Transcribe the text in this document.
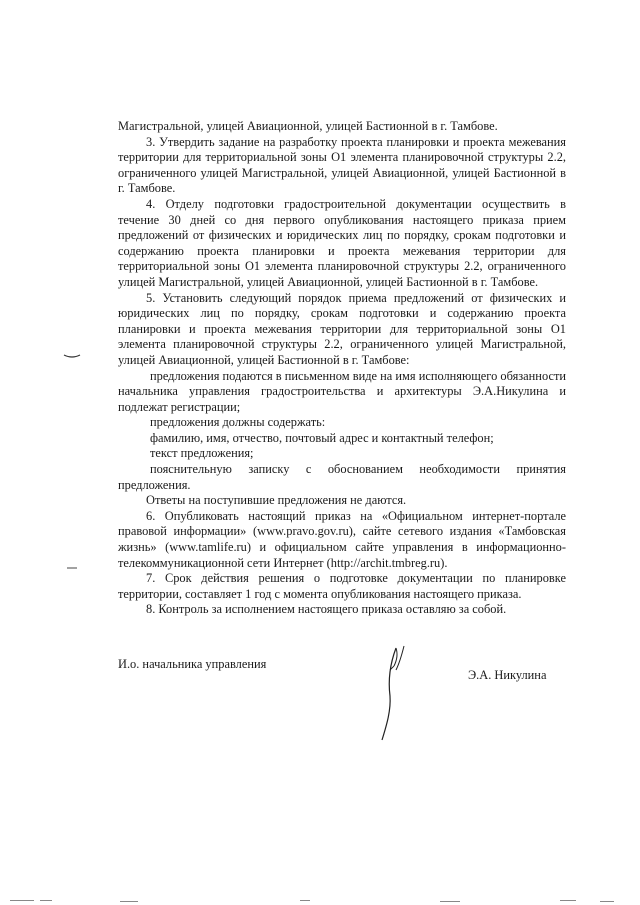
Магистральной, улицей Авиационной, улицей Бастионной в г. Тамбове.

3. Утвердить задание на разработку проекта планировки и проекта межевания территории для территориальной зоны О1 элемента планировочной структуры 2.2, ограниченного улицей Магистральной, улицей Авиационной, улицей Бастионной в г. Тамбове.

4. Отделу подготовки градостроительной документации осуществить в течение 30 дней со дня первого опубликования настоящего приказа прием предложений от физических и юридических лиц по порядку, срокам подготовки и содержанию проекта планировки и проекта межевания территории для территориальной зоны О1 элемента планировочной структуры 2.2, ограниченного улицей Магистральной, улицей Авиационной, улицей Бастионной в г. Тамбове.

5. Установить следующий порядок приема предложений от физических и юридических лиц по порядку, срокам подготовки и содержанию проекта планировки и проекта межевания территории для территориальной зоны О1 элемента планировочной структуры 2.2, ограниченного улицей Магистральной, улицей Авиационной, улицей Бастионной в г. Тамбове:

предложения подаются в письменном виде на имя исполняющего обязанности начальника управления градостроительства и архитектуры Э.А.Никулина и подлежат регистрации;

предложения должны содержать:

фамилию, имя, отчество, почтовый адрес и контактный телефон;

текст предложения;

пояснительную записку с обоснованием необходимости принятия предложения.

Ответы на поступившие предложения не даются.

6. Опубликовать настоящий приказ на «Официальном интернет-портале правовой информации» (www.pravo.gov.ru), сайте сетевого издания «Тамбовская жизнь» (www.tamlife.ru) и официальном сайте управления в информационно-телекоммуникационной сети Интернет (http://archit.tmbreg.ru).

7. Срок действия решения о подготовке документации по планировке территории, составляет 1 год с момента опубликования настоящего приказа.

8. Контроль за исполнением настоящего приказа оставляю за собой.

И.о. начальника управления
Э.А. Никулина
